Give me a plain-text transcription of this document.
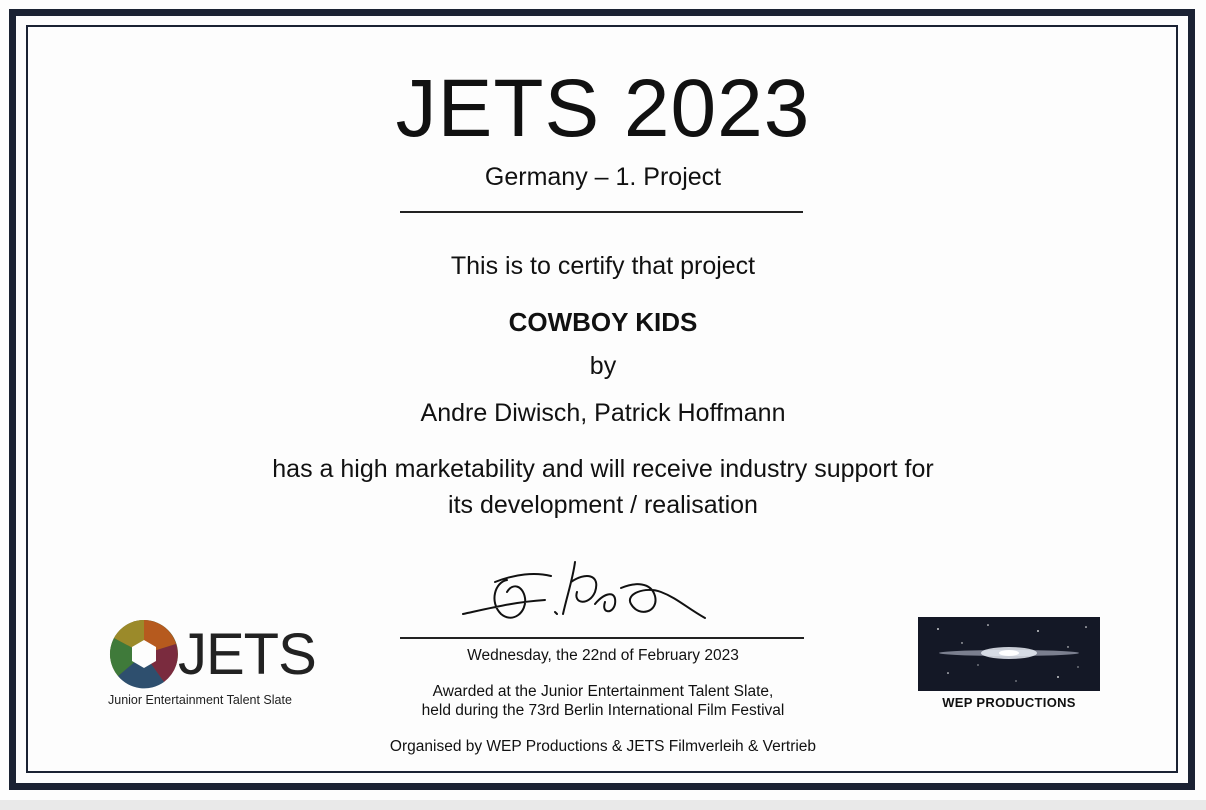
JETS 2023
Germany – 1. Project
This is to certify that project
COWBOY KIDS
by
Andre Diwisch, Patrick Hoffmann
has a high marketability and will receive industry support for
its development / realisation
Wednesday, the 22nd of February 2023
Awarded at the Junior Entertainment Talent Slate,
held during the 73rd Berlin International Film Festival
Organised by WEP Productions & JETS Filmverleih & Vertrieb
JETS
Junior Entertainment Talent Slate	WEP PRODUCTIONS
